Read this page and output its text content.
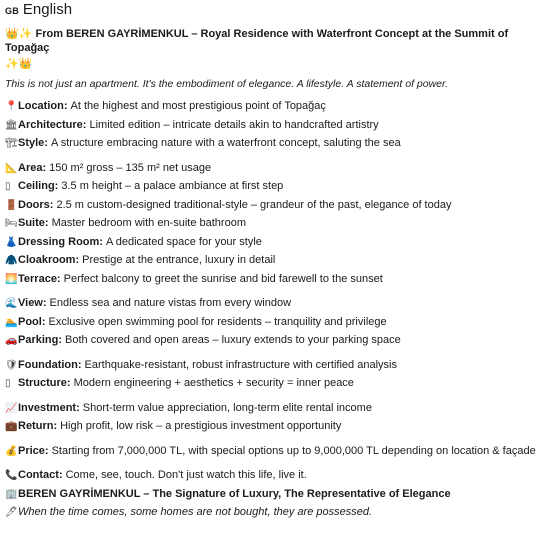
GB English
👑✨ From BEREN GAYRİMENKUL – Royal Residence with Waterfront Concept at the Summit of Topağaç
✨👑

This is not just an apartment. It's the embodiment of elegance. A lifestyle. A statement of power.

📍 Location: At the highest and most prestigious point of Topağaç
🏛 Architecture: Limited edition – intricate details akin to handcrafted artistry
🏗 Style: A structure embracing nature with a waterfront concept, saluting the sea
📐 Area: 150 m² gross – 135 m² net usage
▯ Ceiling: 3.5 m height – a palace ambiance at first step
🚪 Doors: 2.5 m custom-designed traditional-style – grandeur of the past, elegance of today
🛏 Suite: Master bedroom with en-suite bathroom
👗 Dressing Room: A dedicated space for your style
🧥 Cloakroom: Prestige at the entrance, luxury in detail
🌅 Terrace: Perfect balcony to greet the sunrise and bid farewell to the sunset
🌊 View: Endless sea and nature vistas from every window
🏊 Pool: Exclusive open swimming pool for residents – tranquility and privilege
🚗 Parking: Both covered and open areas – luxury extends to your parking space
🛡 Foundation: Earthquake-resistant, robust infrastructure with certified analysis
▯ Structure: Modern engineering + aesthetics + security = inner peace
📈 Investment: Short-term value appreciation, long-term elite rental income
💼 Return: High profit, low risk – a prestigious investment opportunity
💰 Price: Starting from 7,000,000 TL, with special options up to 9,000,000 TL depending on location & façade
📞 Contact: Come, see, touch. Don't just watch this life, live it.
🏢 BEREN GAYRİMENKUL – The Signature of Luxury, The Representative of Elegance
🖊 When the time comes, some homes are not bought, they are possessed.
